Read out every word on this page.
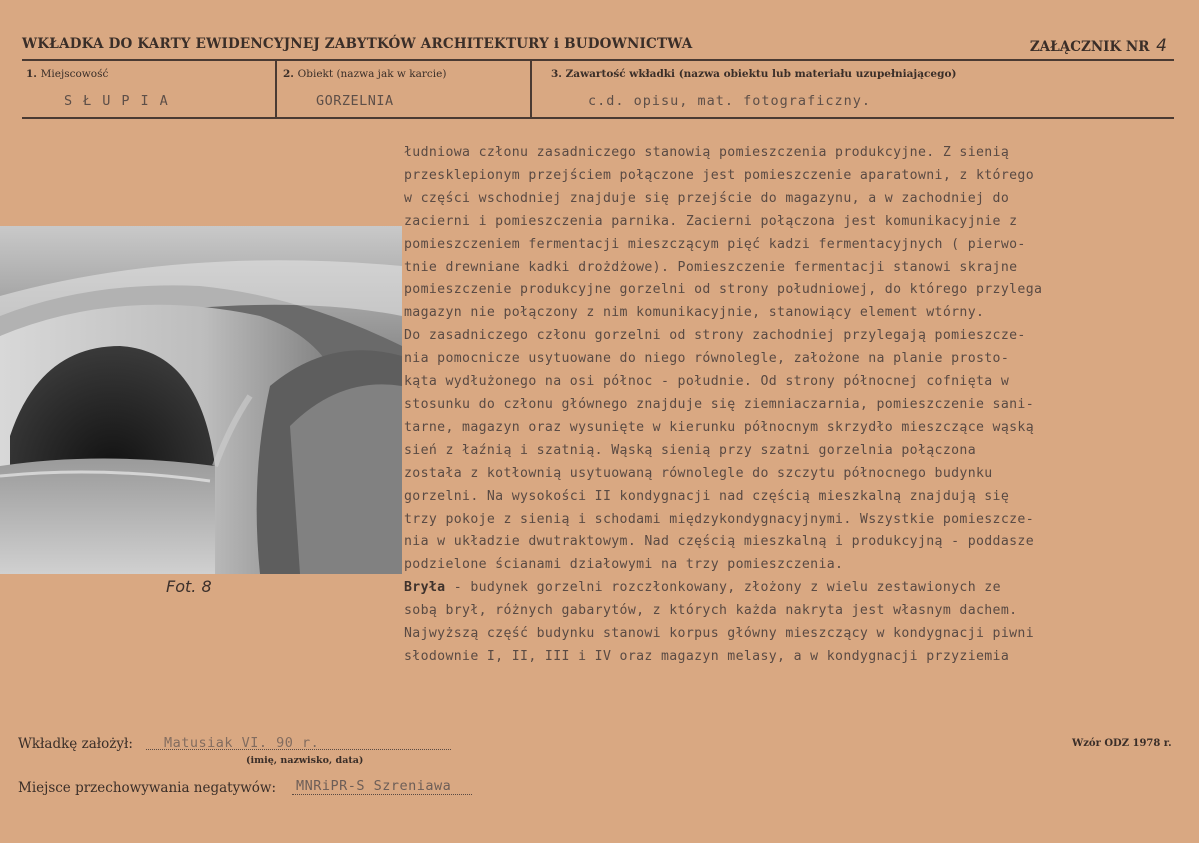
WKŁADKA DO KARTY EWIDENCYJNEJ ZABYTKÓW ARCHITEKTURY i BUDOWNICTWA	ZAŁĄCZNIK NR 4
1. Miejscowość
SŁUPIA
2. Obiekt (nazwa jak w karcie)
GORZELNIA
3. Zawartość wkładki (nazwa obiektu lub materiału uzupełniającego)
c.d. opisu, mat. fotograficzny.
Fot. 8
łudniowa członu zasadniczego stanowią pomieszczenia produkcyjne. Z sienią
przesklepionym przejściem połączone jest pomieszczenie aparatowni, z którego
w części wschodniej znajduje się przejście do magazynu, a w zachodniej do
zacierni i pomieszczenia parnika. Zacierni połączona jest komunikacyjnie z
pomieszczeniem fermentacji mieszczącym pięć kadzi fermentacyjnych ( pierwo-
tnie drewniane kadki drożdżowe). Pomieszczenie fermentacji stanowi skrajne
pomieszczenie produkcyjne gorzelni od strony południowej, do którego przylega
magazyn nie połączony z nim komunikacyjnie, stanowiący element wtórny.
Do zasadniczego członu gorzelni od strony zachodniej przylegają pomieszcze-
nia pomocnicze usytuowane do niego równolegle, założone na planie prosto-
kąta wydłużonego na osi północ - południe. Od strony północnej cofnięta w
stosunku do członu głównego znajduje się ziemniaczarnia, pomieszczenie sani-
tarne, magazyn oraz wysunięte w kierunku północnym skrzydło mieszczące wąską
sień z łaźnią i szatnią. Wąską sienią przy szatni gorzelnia połączona
została z kotłownią usytuowaną równolegle do szczytu północnego budynku
gorzelni. Na wysokości II kondygnacji nad częścią mieszkalną znajdują się
trzy pokoje z sienią i schodami międzykondygnacyjnymi. Wszystkie pomieszcze-
nia w układzie dwutraktowym. Nad częścią mieszkalną i produkcyjną - poddasze
podzielone ścianami działowymi na trzy pomieszczenia.
Bryła - budynek gorzelni rozczłonkowany, złożony z wielu zestawionych ze
sobą brył, różnych gabarytów, z których każda nakryta jest własnym dachem.
Najwyższą część budynku stanowi korpus główny mieszczący w kondygnacji piwni
słodownie I, II, III i IV oraz magazyn melasy, a w kondygnacji przyziemia
Wkładkę założył: Matusiak VI. 90 r.
(imię, nazwisko, data)
Wzór ODZ 1978 r.
Miejsce przechowywania negatywów: MNRiPR-S Szreniawa
